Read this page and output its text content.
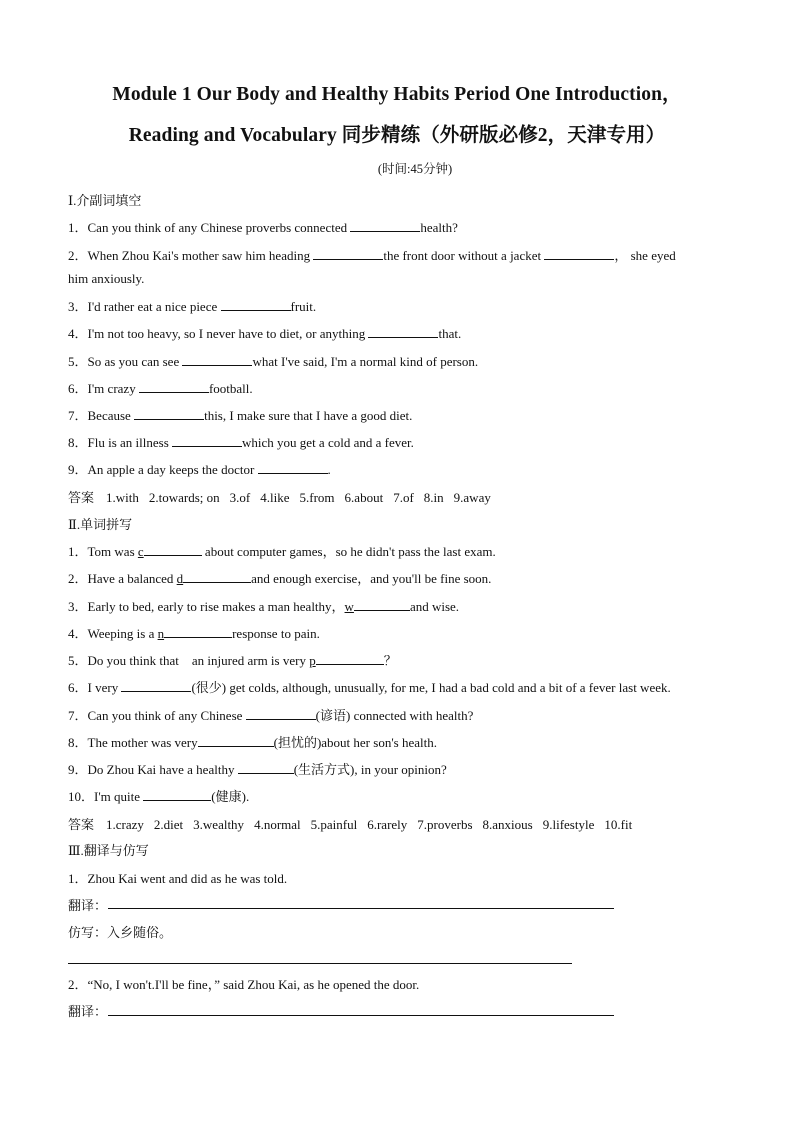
Module 1 Our Body and Healthy Habits Period One Introduction，
Reading and Vocabulary 同步精练（外研版必修2，天津专用）
(时间:45分钟)
Ⅰ.介副词填空
1．Can you think of any Chinese proverbs connected	health?
2．When Zhou Kai's mother saw him heading	the front door without a jacket	， she eyed
him anxiously.
3．I'd rather eat a nice piece	fruit.
4．I'm not too heavy, so I never have to diet, or anything	that.
5．So as you can see	what I've said, I'm a normal kind of person.
6．I'm crazy	football.
7．Because	this, I make sure that I have a good diet.
8．Flu is an illness	which you get a cold and a fever.
9．An apple a day keeps the doctor	.
答案 1.with 2.towards; on 3.of 4.like 5.from 6.about 7.of 8.in 9.away
Ⅱ.单词拼写
1．Tom was c	about computer games，so he didn't pass the last exam.
2．Have a balanced d	and enough exercise，and you'll be fine soon.
3．Early to bed, early to rise makes a man healthy，w	and wise.
4．Weeping is a n	response to pain.
5．Do you think that    an injured arm is very p	？
6．I very	(很少) get colds, although, unusually, for me, I had a bad cold and a bit of a fever last week.
7．Can you think of any Chinese	(谚语) connected with health?
8．The mother was very	(担忧的)about her son's health.
9．Do Zhou Kai have a healthy	(生活方式), in your opinion?
10．I'm quite	(健康).
答案 1.crazy 2.diet 3.wealthy 4.normal 5.painful 6.rarely 7.proverbs 8.anxious 9.lifestyle 10.fit
Ⅲ.翻译与仿写
1．Zhou Kai went and did as he was told.
翻译：
仿写：入乡随俗。
2．“No, I won't.I'll be fine，” said Zhou Kai, as he opened the door.
翻译：
